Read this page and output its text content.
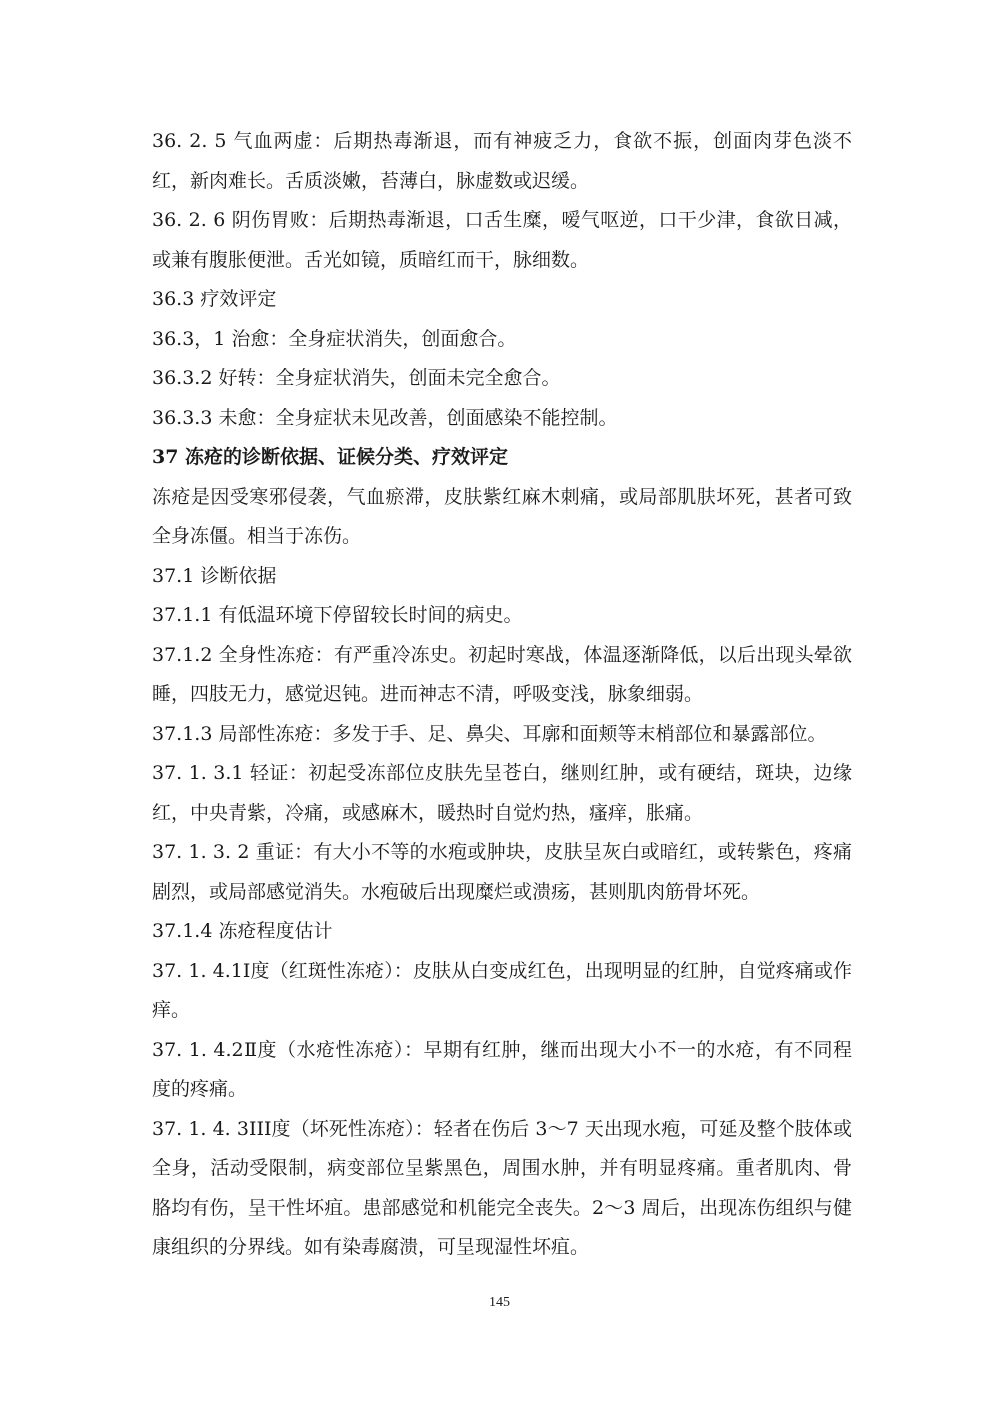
36. 2. 5 气血两虚：后期热毒渐退，而有神疲乏力，食欲不振，创面肉芽色淡不红，新肉难长。舌质淡嫩，苔薄白，脉虚数或迟缓。

36. 2. 6 阴伤胃败：后期热毒渐退，口舌生糜，嗳气呕逆，口干少津，食欲日减，或兼有腹胀便泄。舌光如镜，质暗红而干，脉细数。

36.3 疗效评定

36.3，1 治愈：全身症状消失，创面愈合。

36.3.2 好转：全身症状消失，创面未完全愈合。

36.3.3 未愈：全身症状未见改善，创面感染不能控制。

37 冻疮的诊断依据、证候分类、疗效评定

冻疮是因受寒邪侵袭，气血瘀滞，皮肤紫红麻木刺痛，或局部肌肤坏死，甚者可致全身冻僵。相当于冻伤。

37.1 诊断依据

37.1.1 有低温环境下停留较长时间的病史。

37.1.2 全身性冻疮：有严重冷冻史。初起时寒战，体温逐渐降低，以后出现头晕欲睡，四肢无力，感觉迟钝。进而神志不清，呼吸变浅，脉象细弱。

37.1.3 局部性冻疮：多发于手、足、鼻尖、耳廓和面颊等末梢部位和暴露部位。

37. 1. 3.1 轻证：初起受冻部位皮肤先呈苍白，继则红肿，或有硬结，斑块，边缘红，中央青紫，冷痛，或感麻木，暖热时自觉灼热，瘙痒，胀痛。

37. 1. 3. 2 重证：有大小不等的水疱或肿块，皮肤呈灰白或暗红，或转紫色，疼痛剧烈，或局部感觉消失。水疱破后出现糜烂或溃疡，甚则肌肉筋骨坏死。

37.1.4 冻疮程度估计

37. 1. 4.1Ⅰ度（红斑性冻疮）：皮肤从白变成红色，出现明显的红肿，自觉疼痛或作痒。

37. 1. 4.2Ⅱ度（水疮性冻疮）：早期有红肿，继而出现大小不一的水疮，有不同程度的疼痛。

37. 1. 4. 3III度（坏死性冻疮）：轻者在伤后 3～7 天出现水疱，可延及整个肢体或全身，活动受限制，病变部位呈紫黑色，周围水肿，并有明显疼痛。重者肌肉、骨胳均有伤，呈干性坏疽。患部感觉和机能完全丧失。2～3 周后，出现冻伤组织与健康组织的分界线。如有染毒腐溃，可呈现湿性坏疽。

145
